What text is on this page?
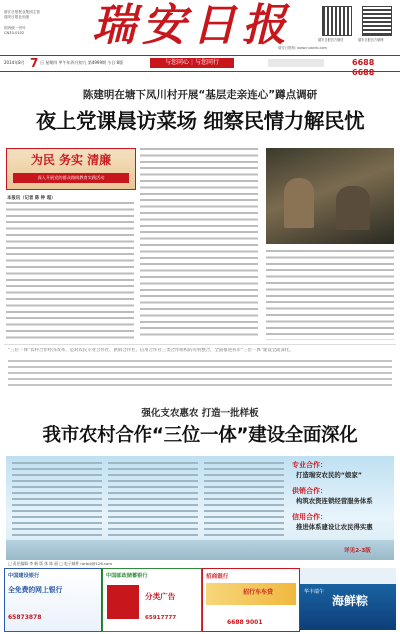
浙江日报报业集团主管
瑞安日报社出版
国内统一刊号
CN33-0102	瑞安日报
瑞安日报网: www.ruianrb.com
瑞安日报官方微信	瑞安日报官方微博
2014年8月 7 日 星期四 甲午年四月初九 第4999期 今日 8版	与您同心 | 与您同行	6688 6688
陈建明在塘下凤川村开展“基层走亲连心”蹲点调研
夜上党课晨访菜场 细察民情力解民忧
为民 务实 清廉
深入开展党的群众路线教育实践活动
本报讯（记者 陈 钟 超）
“三位一体”农村合作经济改革，是对农民专业合作社、供销合作社、信用合作社三类合作组织的有机整合，全面推进我市“三位一体”建设全面深化。
强化支农惠农 打造一批样板
我市农村合作“三位一体”建设全面深化
专业合作：
打造瑞安农民的“娘家”
供销合作：
构筑农资连锁经营服务体系
信用合作：
推进体系建设让农民得实惠
详见2-3版
□ 责任编辑 李 帆 版 体 陈 丽 □ 电子邮件 rarbdj@126.com
中国建设银行
全免费的网上银行
65873878
中国邮政储蓄银行
分类广告
65917777
招商银行
招行车车贷
6688 9001
华丰端午
海鲜粽
